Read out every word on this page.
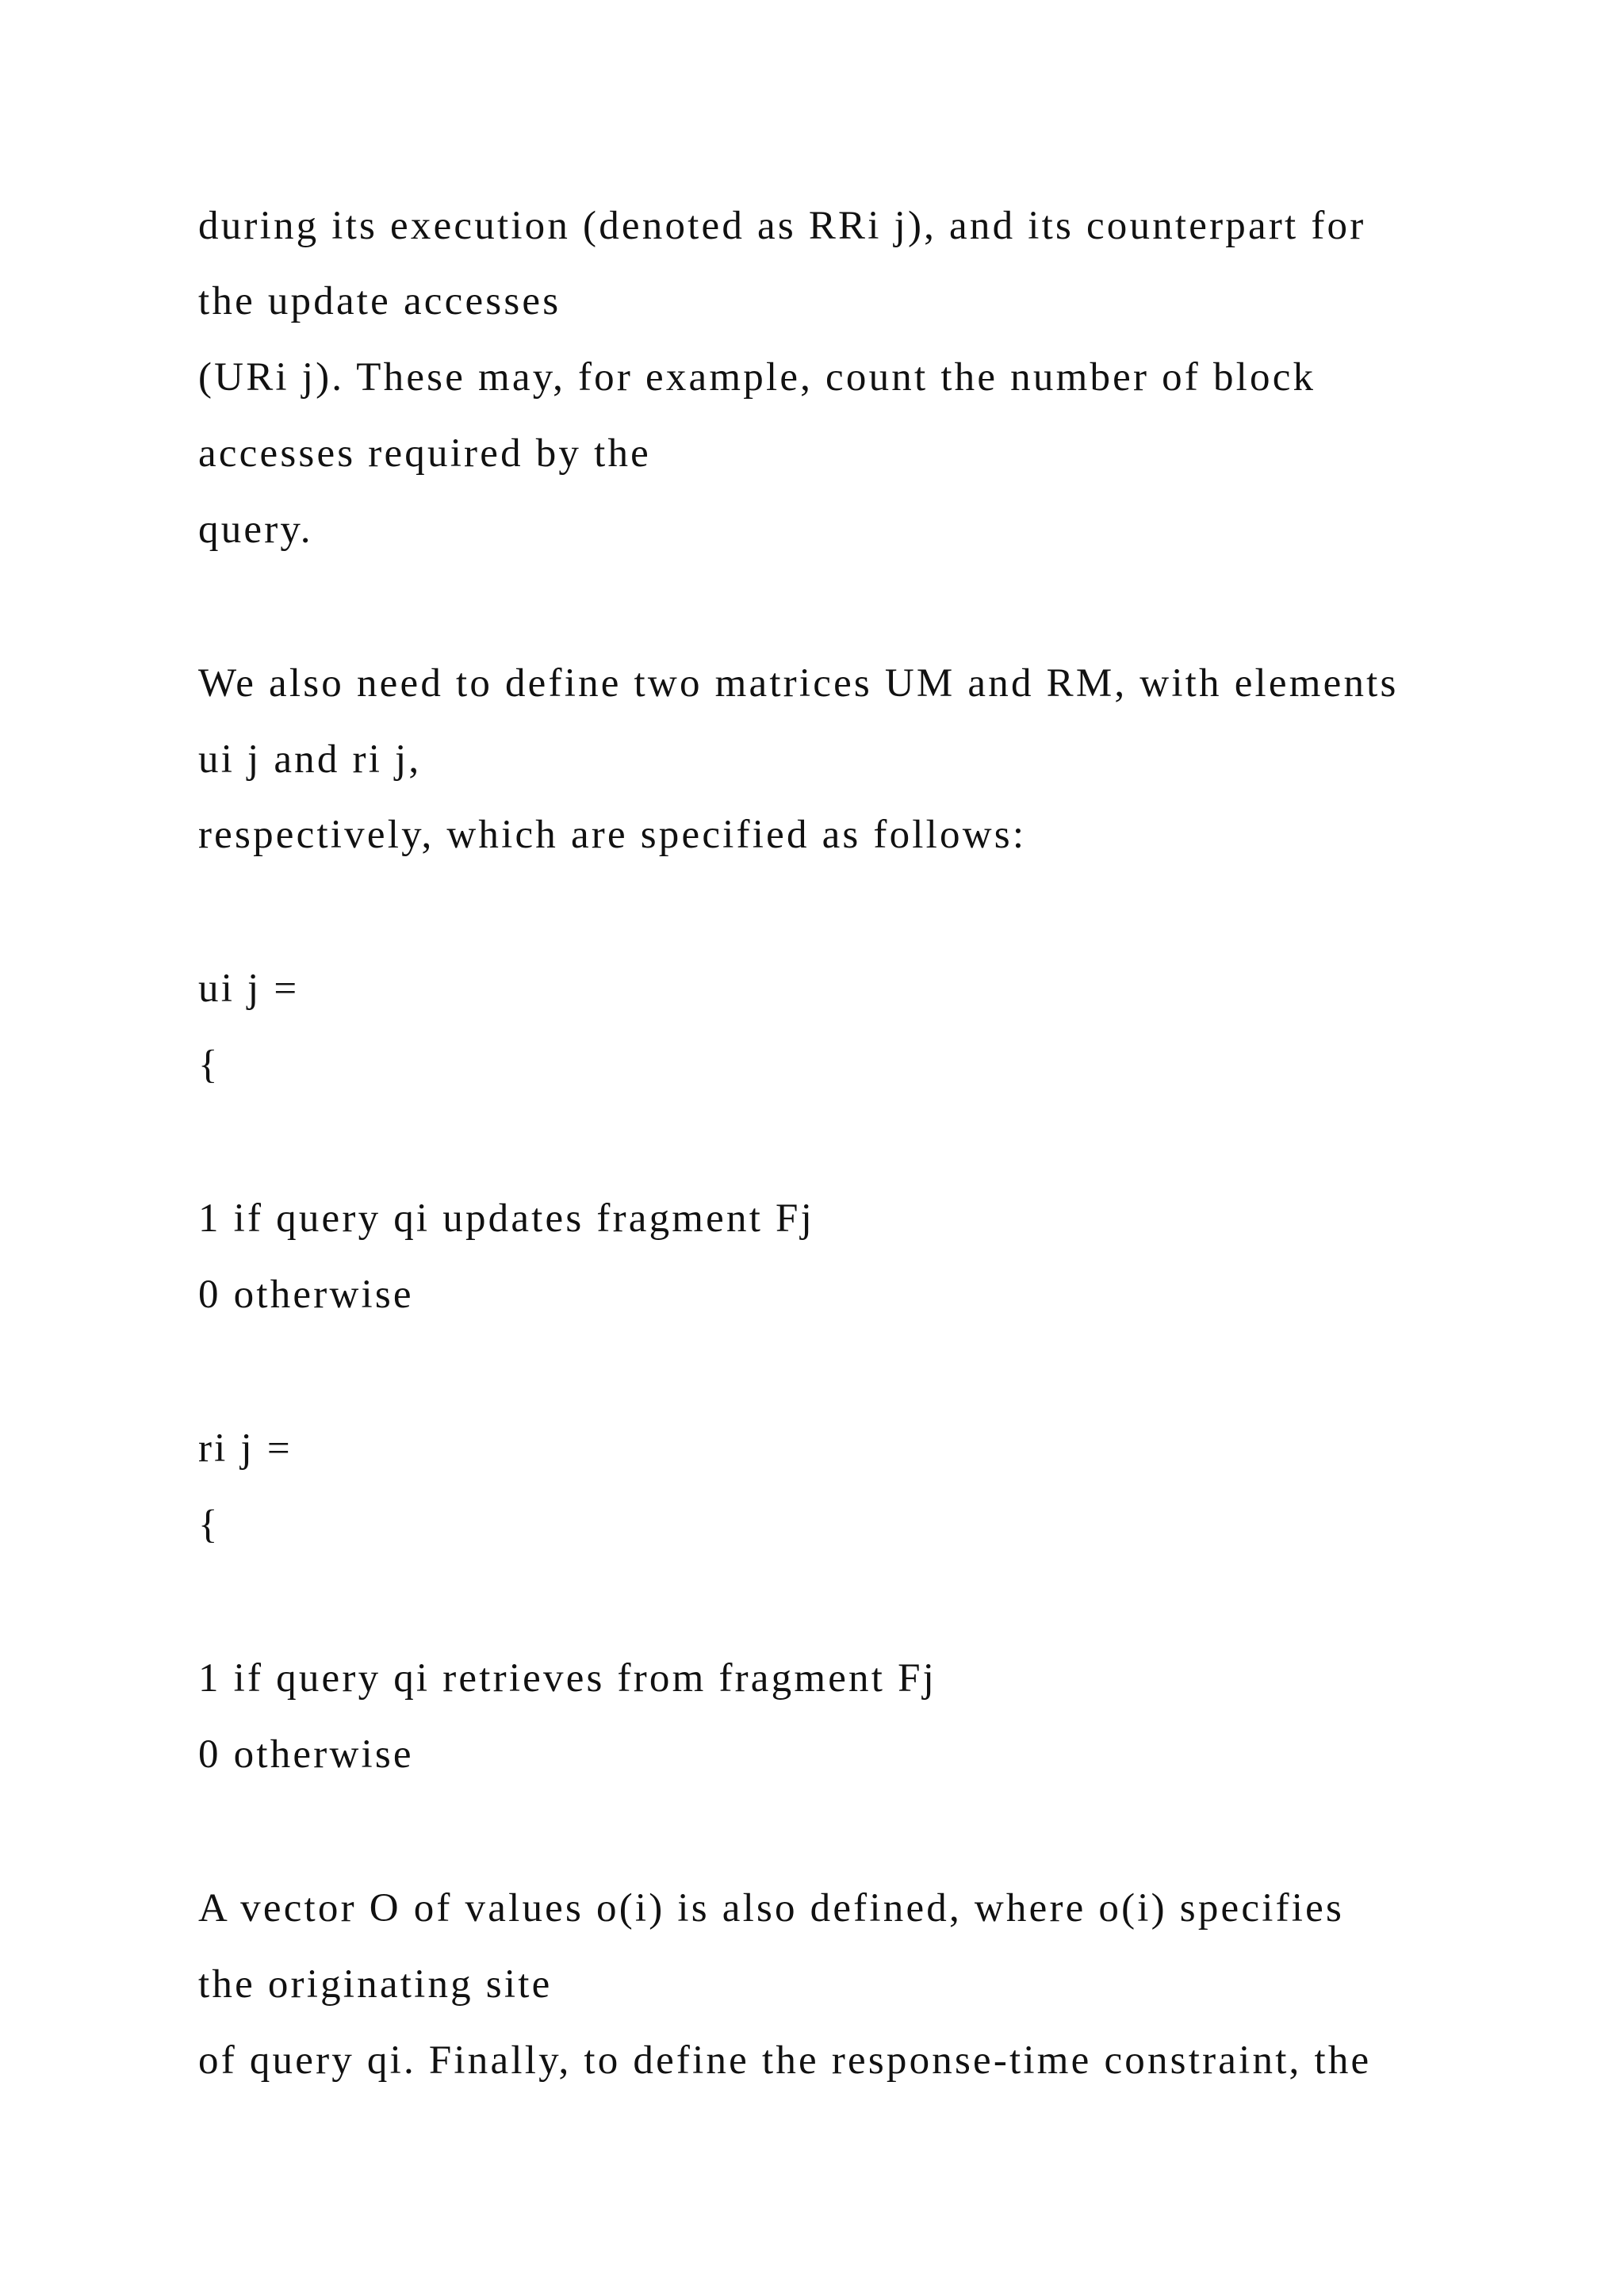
during its execution (denoted as RRi j), and its counterpart for
the update accesses
(URi j). These may, for example, count the number of block
accesses required by the
query.
We also need to define two matrices UM and RM, with elements
ui j and ri j,
respectively, which are specified as follows:
ui j =
{
1 if query qi updates fragment Fj
0 otherwise
ri j =
{
1 if query qi retrieves from fragment Fj
0 otherwise
A vector O of values o(i) is also defined, where o(i) specifies
the originating site
of query qi. Finally, to define the response-time constraint, the
